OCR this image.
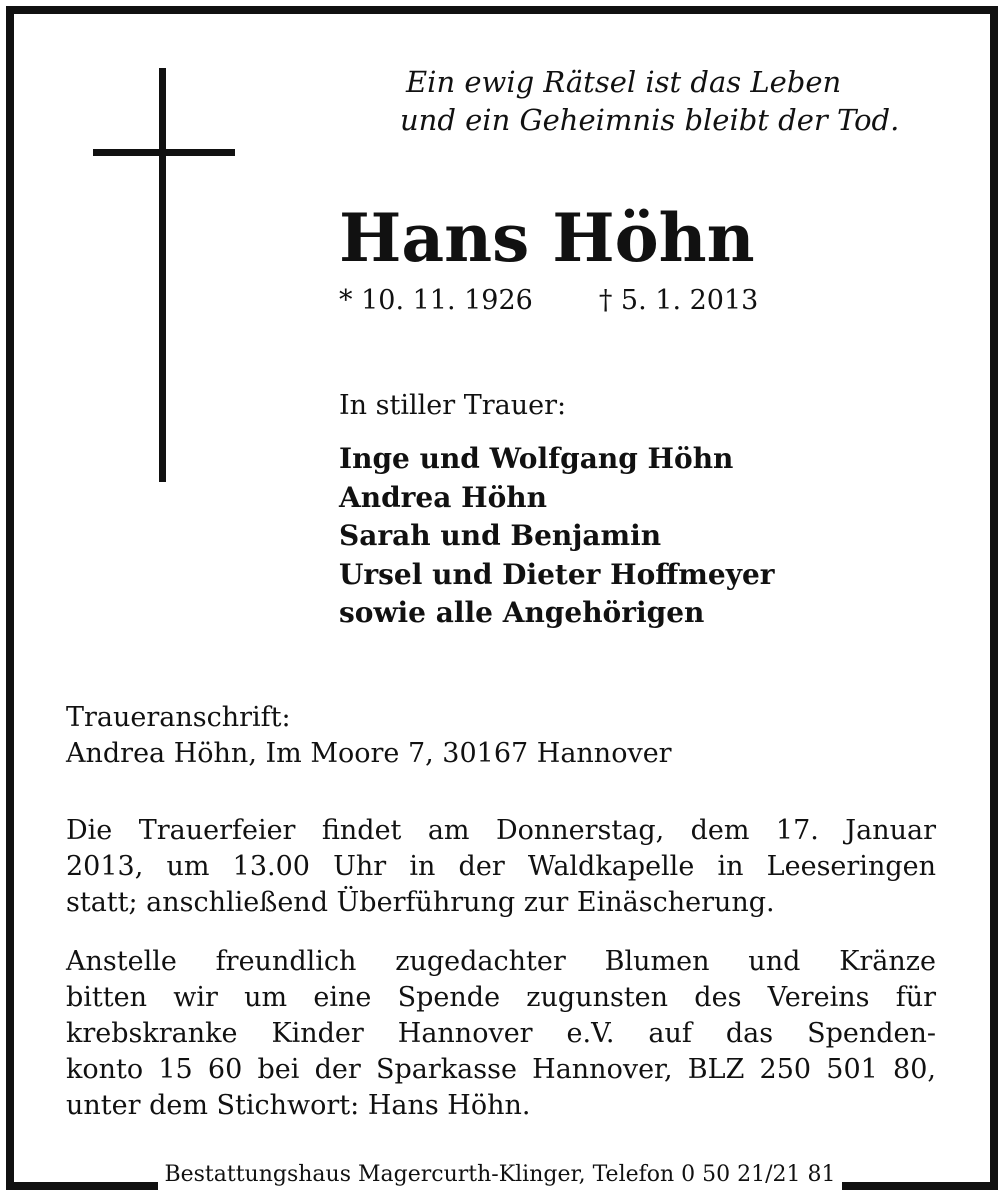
Ein ewig Rätsel ist das Leben
und ein Geheimnis bleibt der Tod.
Hans Höhn
* 10. 11. 1926 † 5. 1. 2013
In stiller Trauer:
Inge und Wolfgang Höhn
Andrea Höhn
Sarah und Benjamin
Ursel und Dieter Hoffmeyer
sowie alle Angehörigen
Traueranschrift:
Andrea Höhn, Im Moore 7, 30167 Hannover
Die Trauerfeier findet am Donnerstag, dem 17. Januar
2013, um 13.00 Uhr in der Waldkapelle in Leeseringen
statt; anschließend Überführung zur Einäscherung.
Anstelle freundlich zugedachter Blumen und Kränze
bitten wir um eine Spende zugunsten des Vereins für
krebskranke Kinder Hannover e.V. auf das Spenden-
konto 15 60 bei der Sparkasse Hannover, BLZ 250 501 80,
unter dem Stichwort: Hans Höhn.
Bestattungshaus Magercurth-Klinger, Telefon 0 50 21/21 81
